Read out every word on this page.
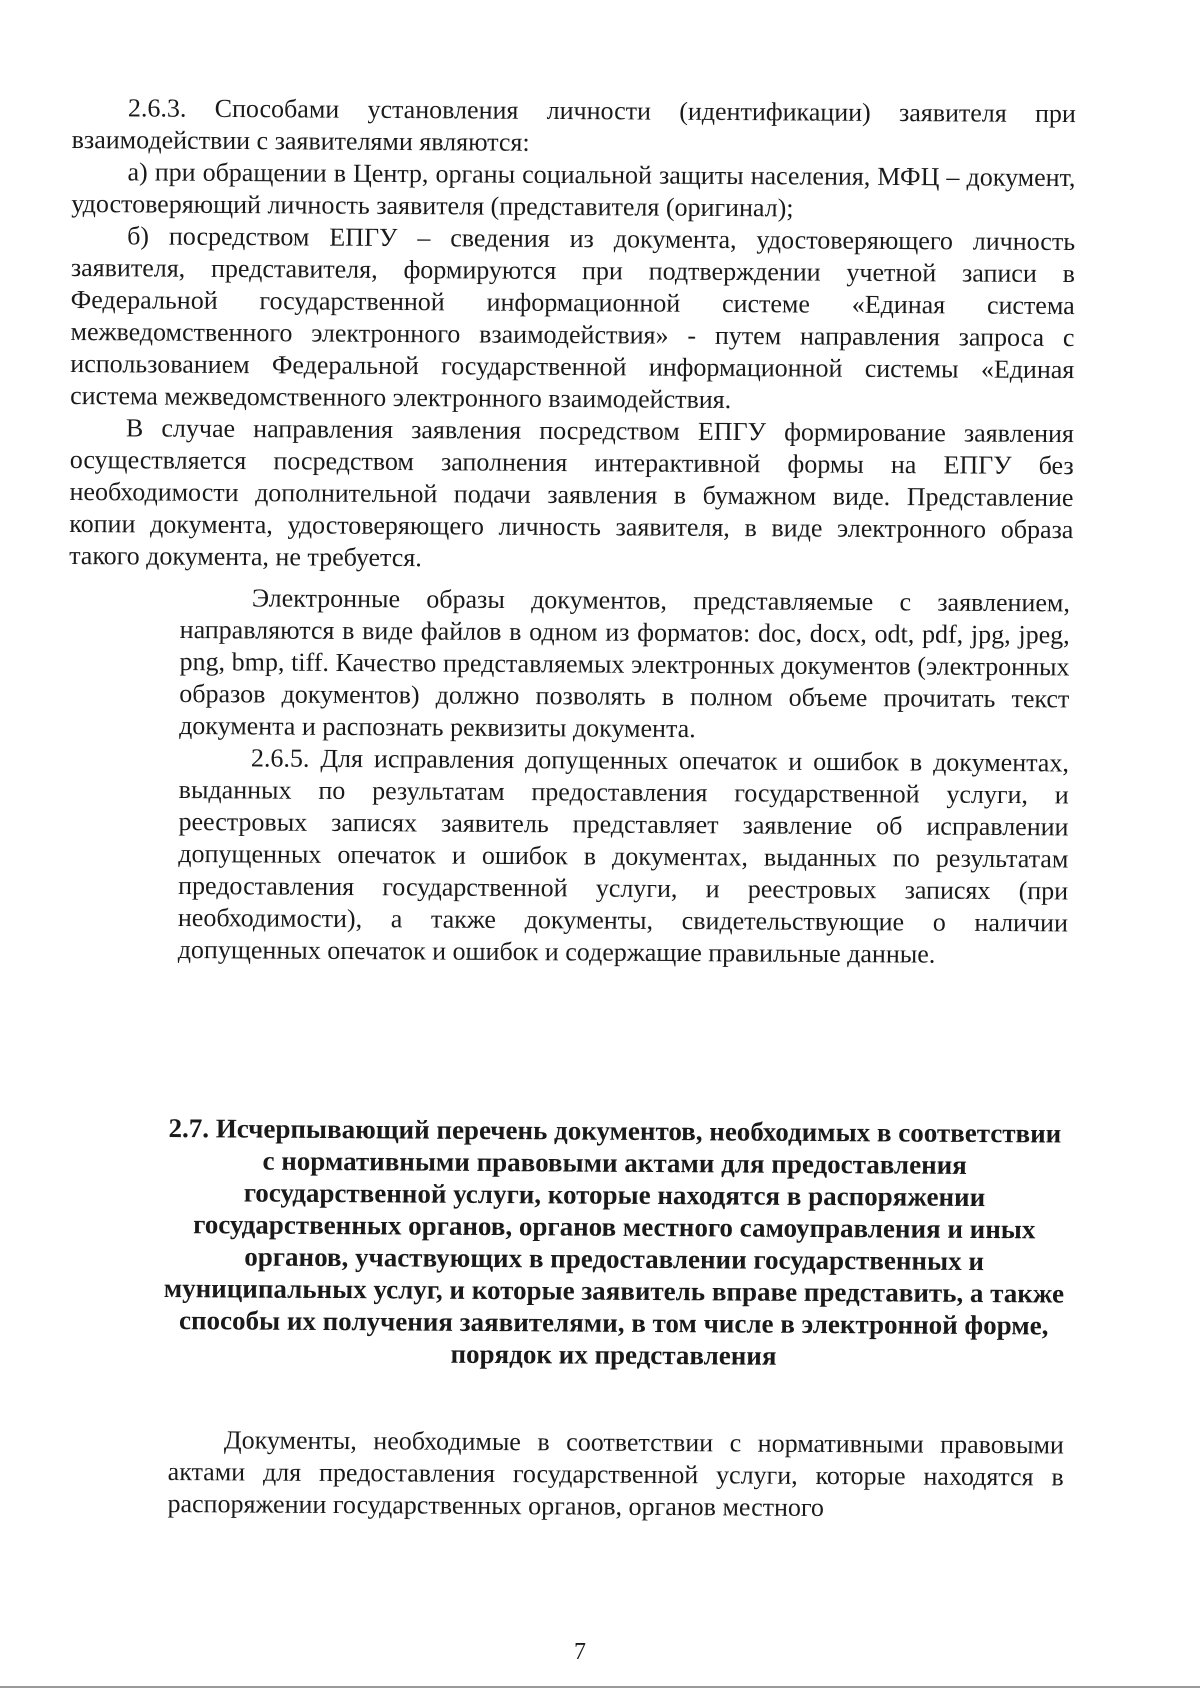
2.6.3. Способами установления личности (идентификации) заявителя при взаимодействии с заявителями являются:

а) при обращении в Центр, органы социальной защиты населения, МФЦ – документ, удостоверяющий личность заявителя (представителя (оригинал);

б) посредством ЕПГУ – сведения из документа, удостоверяющего личность заявителя, представителя, формируются при подтверждении учетной записи в Федеральной государственной информационной системе «Единая система межведомственного электронного взаимодействия» - путем направления запроса с использованием Федеральной государственной информационной системы «Единая система межведомственного электронного взаимодействия.

В случае направления заявления посредством ЕПГУ формирование заявления осуществляется посредством заполнения интерактивной формы на ЕПГУ без необходимости дополнительной подачи заявления в бумажном виде. Представление копии документа, удостоверяющего личность заявителя, в виде электронного образа такого документа, не требуется.

Электронные образы документов, представляемые с заявлением, направляются в виде файлов в одном из форматов: doc, docx, odt, pdf, jpg, jpeg, png, bmp, tiff. Качество представляемых электронных документов (электронных образов документов) должно позволять в полном объеме прочитать текст документа и распознать реквизиты документа.

2.6.5. Для исправления допущенных опечаток и ошибок в документах, выданных по результатам предоставления государственной услуги, и реестровых записях заявитель представляет заявление об исправлении допущенных опечаток и ошибок в документах, выданных по результатам предоставления государственной услуги, и реестровых записях (при необходимости), а также документы, свидетельствующие о наличии допущенных опечаток и ошибок и содержащие правильные данные.

2.7. Исчерпывающий перечень документов, необходимых в соответствии с нормативными правовыми актами для предоставления государственной услуги, которые находятся в распоряжении государственных органов, органов местного самоуправления и иных органов, участвующих в предоставлении государственных и муниципальных услуг, и которые заявитель вправе представить, а также способы их получения заявителями, в том числе в электронной форме, порядок их представления

Документы, необходимые в соответствии с нормативными правовыми актами для предоставления государственной услуги, которые находятся в распоряжении государственных органов, органов местного

7
